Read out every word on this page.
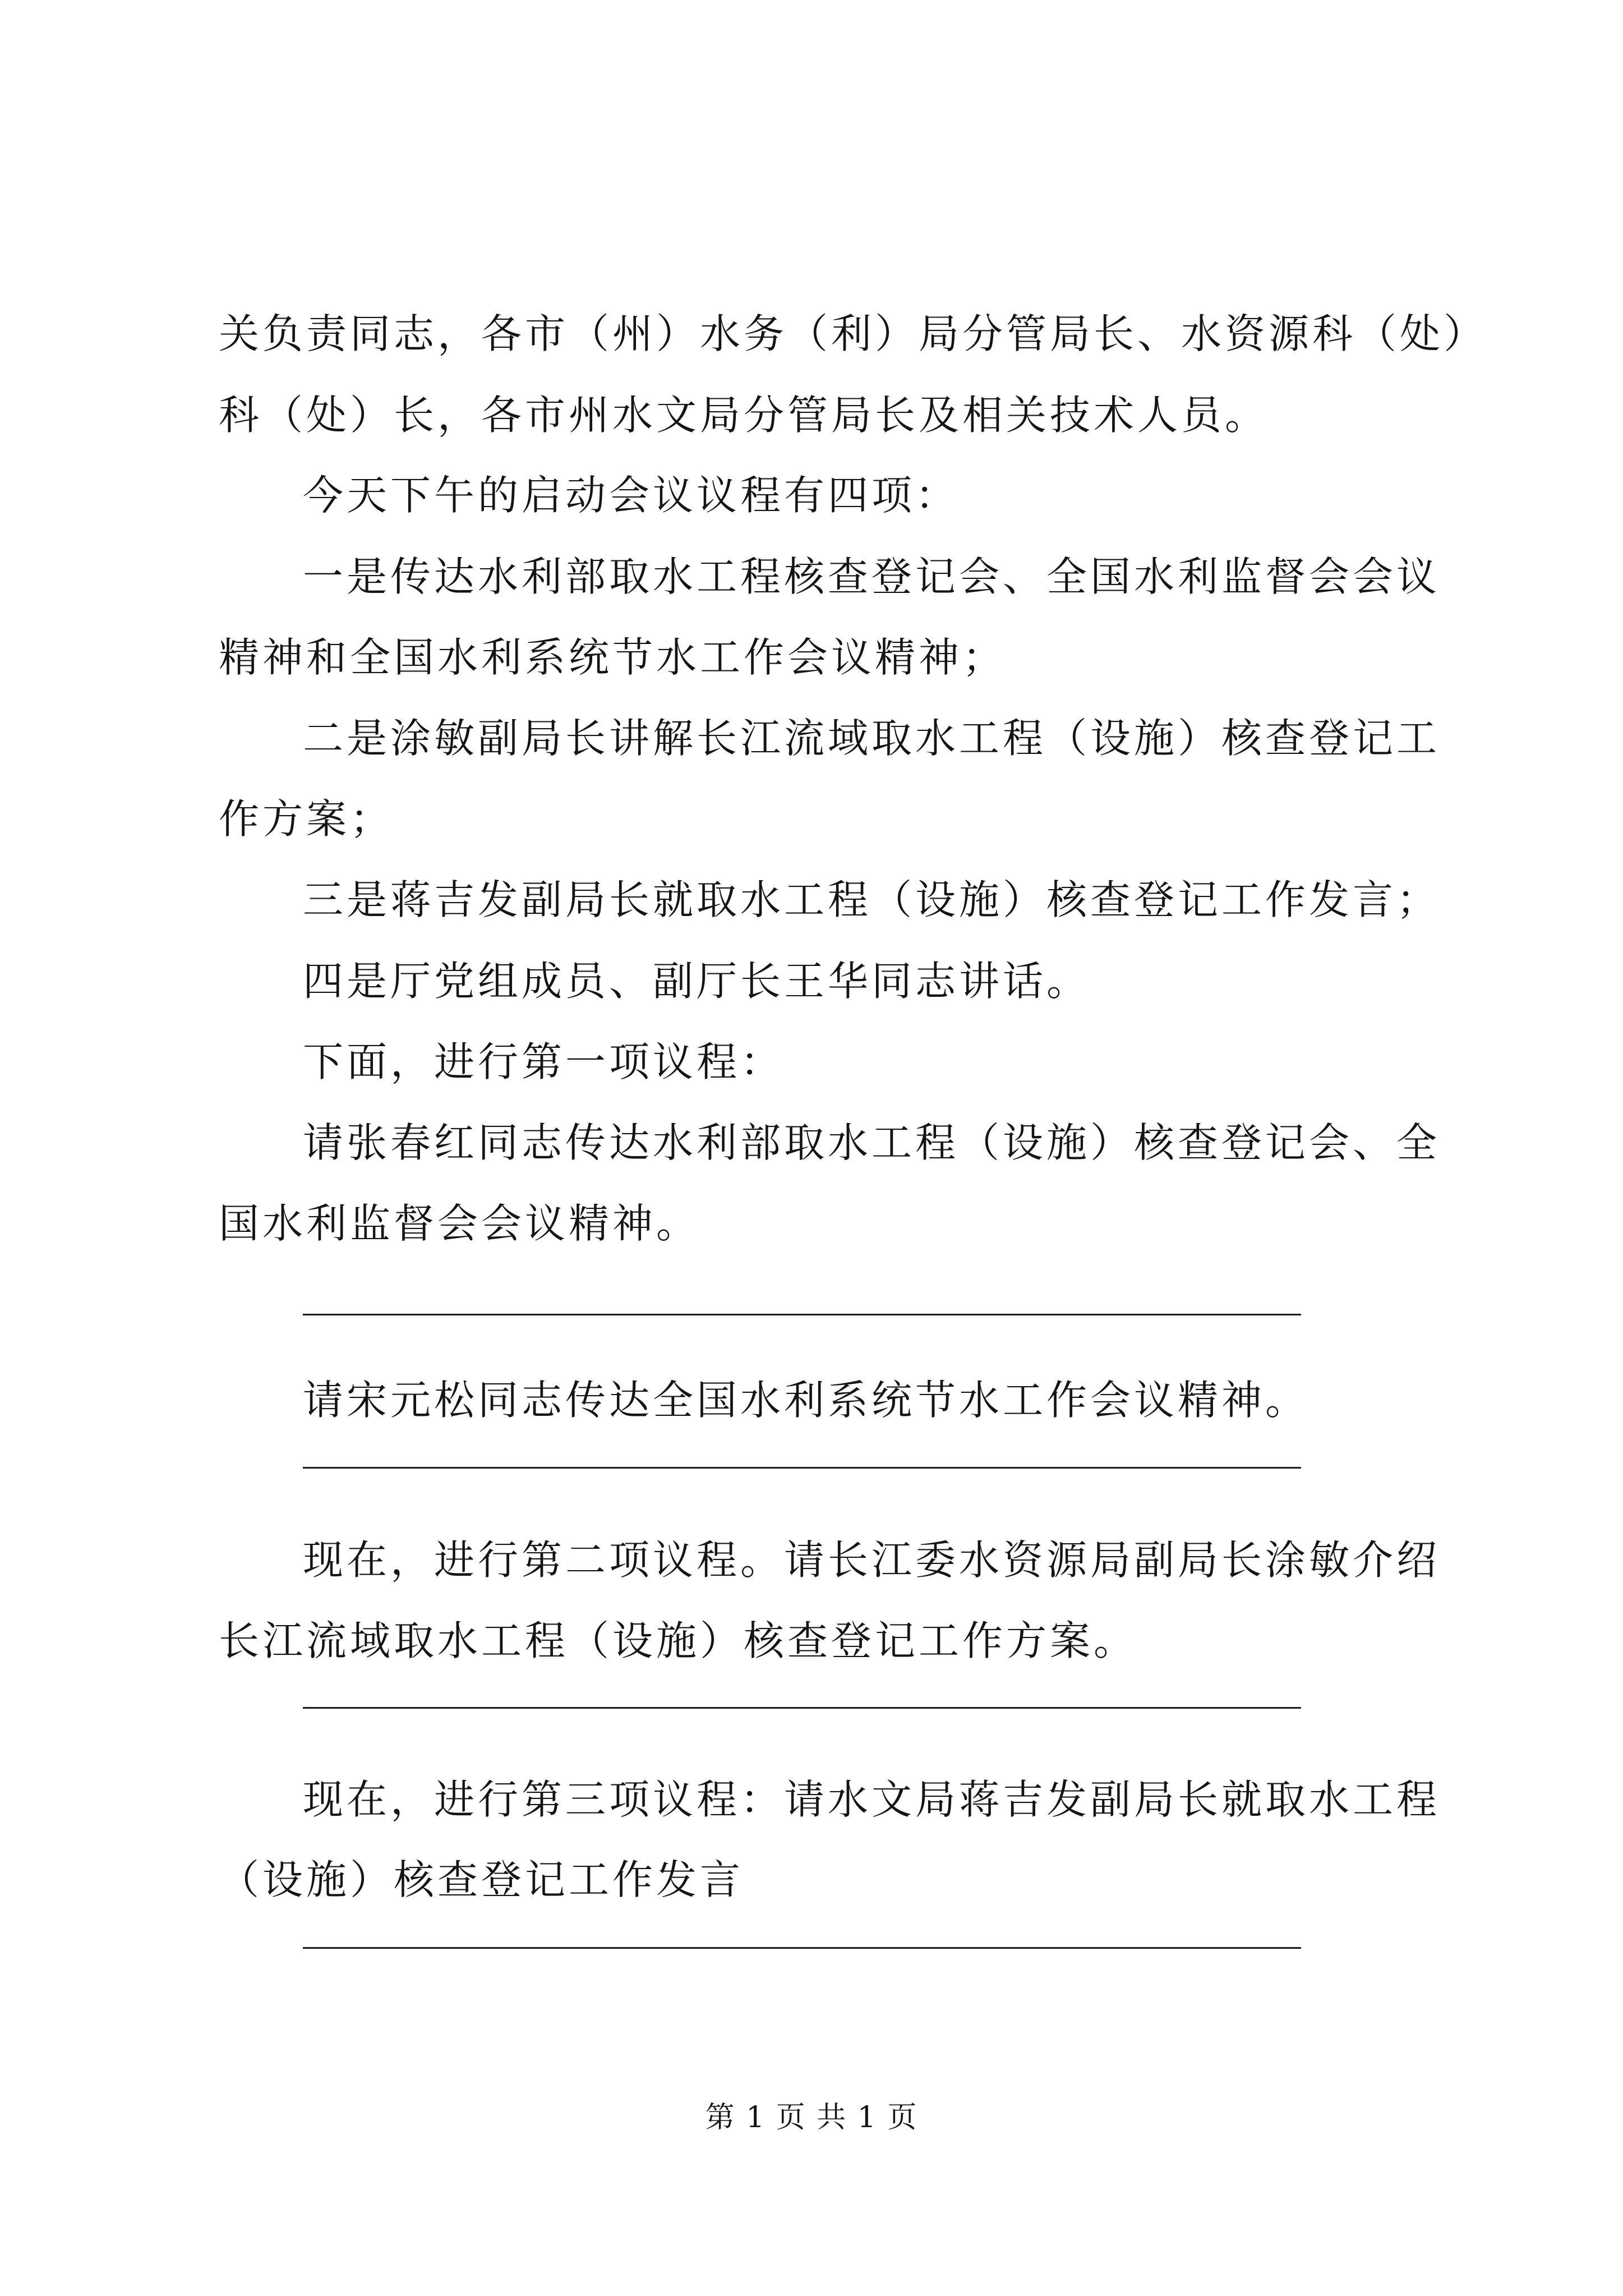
关负责同志，各市（州）水务（利）局分管局长、水资源科（处）
科（处）长，各市州水文局分管局长及相关技术人员。
今天下午的启动会议议程有四项：
一是传达水利部取水工程核查登记会、全国水利监督会会议
精神和全国水利系统节水工作会议精神；
二是涂敏副局长讲解长江流域取水工程（设施）核查登记工
作方案；
三是蒋吉发副局长就取水工程（设施）核查登记工作发言；
四是厅党组成员、副厅长王华同志讲话。
下面，进行第一项议程：
请张春红同志传达水利部取水工程（设施）核查登记会、全
国水利监督会会议精神。
请宋元松同志传达全国水利系统节水工作会议精神。
现在，进行第二项议程。请长江委水资源局副局长涂敏介绍
长江流域取水工程（设施）核查登记工作方案。
现在，进行第三项议程：请水文局蒋吉发副局长就取水工程
（设施）核查登记工作发言
第 1 页 共 1 页
